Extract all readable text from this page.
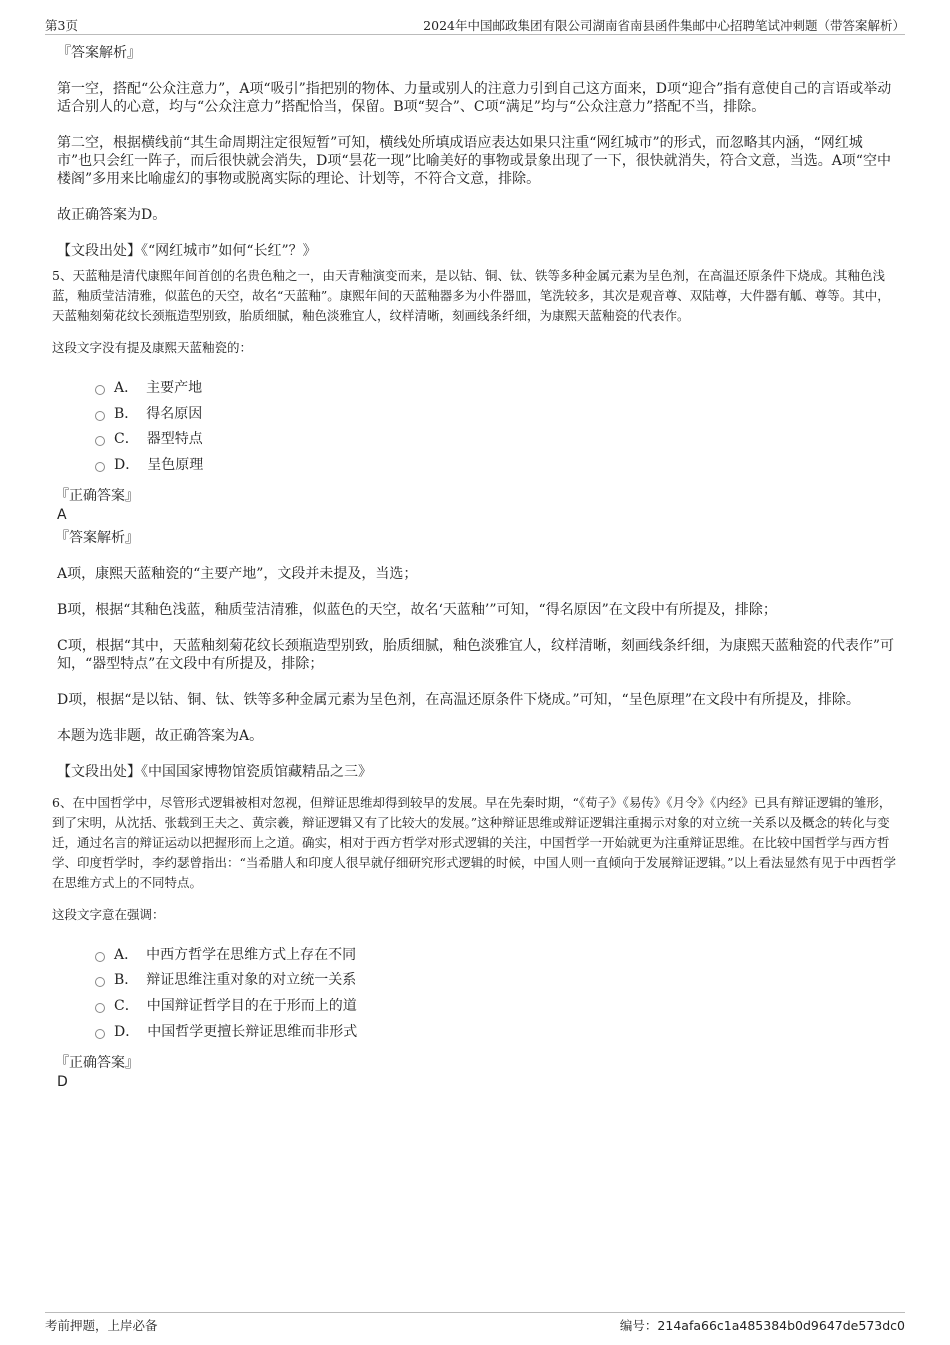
第3页	2024年中国邮政集团有限公司湖南省南县函件集邮中心招聘笔试冲刺题（带答案解析）
『答案解析』

第一空，搭配“公众注意力”，A项“吸引”指把别的物体、力量或别人的注意力引到自己这方面来，D项“迎合”指有意使自己的言语或举动适合别人的心意，均与“公众注意力”搭配恰当，保留。B项“契合”、C项“满足”均与“公众注意力”搭配不当，排除。

第二空，根据横线前“其生命周期注定很短暂”可知，横线处所填成语应表达如果只注重“网红城市”的形式，而忽略其内涵，“网红城市”也只会红一阵子，而后很快就会消失，D项“昙花一现”比喻美好的事物或景象出现了一下，很快就消失，符合文意，当选。A项“空中楼阁”多用来比喻虚幻的事物或脱离实际的理论、计划等，不符合文意，排除。

故正确答案为D。

【文段出处】《“网红城市”如何“长红”？》

5、天蓝釉是清代康熙年间首创的名贵色釉之一，由天青釉演变而来，是以钴、铜、钛、铁等多种金属元素为呈色剂，在高温还原条件下烧成。其釉色浅蓝，釉质莹洁清雅，似蓝色的天空，故名“天蓝釉”。康熙年间的天蓝釉器多为小件器皿，笔洗较多，其次是观音尊、双陆尊，大件器有觚、尊等。其中，天蓝釉刻菊花纹长颈瓶造型别致，胎质细腻，釉色淡雅宜人，纹样清晰，刻画线条纤细，为康熙天蓝釉瓷的代表作。

这段文字没有提及康熙天蓝釉瓷的：
A． 主要产地
B． 得名原因
C． 器型特点
D． 呈色原理
『正确答案』
A
『答案解析』

A项，康熙天蓝釉瓷的“主要产地”，文段并未提及，当选；

B项，根据“其釉色浅蓝，釉质莹洁清雅，似蓝色的天空，故名‘天蓝釉’”可知，“得名原因”在文段中有所提及，排除；

C项，根据“其中，天蓝釉刻菊花纹长颈瓶造型别致，胎质细腻，釉色淡雅宜人，纹样清晰，刻画线条纤细，为康熙天蓝釉瓷的代表作”可知，“器型特点”在文段中有所提及，排除；

D项，根据“是以钴、铜、钛、铁等多种金属元素为呈色剂，在高温还原条件下烧成。”可知，“呈色原理”在文段中有所提及，排除。

本题为选非题，故正确答案为A。

【文段出处】《中国国家博物馆瓷质馆藏精品之三》

6、在中国哲学中，尽管形式逻辑被相对忽视，但辩证思维却得到较早的发展。早在先秦时期，“《荀子》《易传》《月令》《内经》已具有辩证逻辑的雏形，到了宋明，从沈括、张载到王夫之、黄宗羲，辩证逻辑又有了比较大的发展。”这种辩证思维或辩证逻辑注重揭示对象的对立统一关系以及概念的转化与变迁，通过名言的辩证运动以把握形而上之道。确实，相对于西方哲学对形式逻辑的关注，中国哲学一开始就更为注重辩证思维。在比较中国哲学与西方哲学、印度哲学时，李约瑟曾指出：“当希腊人和印度人很早就仔细研究形式逻辑的时候，中国人则一直倾向于发展辩证逻辑。”以上看法显然有见于中西哲学在思维方式上的不同特点。

这段文字意在强调：
A． 中西方哲学在思维方式上存在不同
B． 辩证思维注重对象的对立统一关系
C． 中国辩证哲学目的在于形而上的道
D． 中国哲学更擅长辩证思维而非形式
『正确答案』
D
考前押题，上岸必备	编号：214afa66c1a485384b0d9647de573dc0
